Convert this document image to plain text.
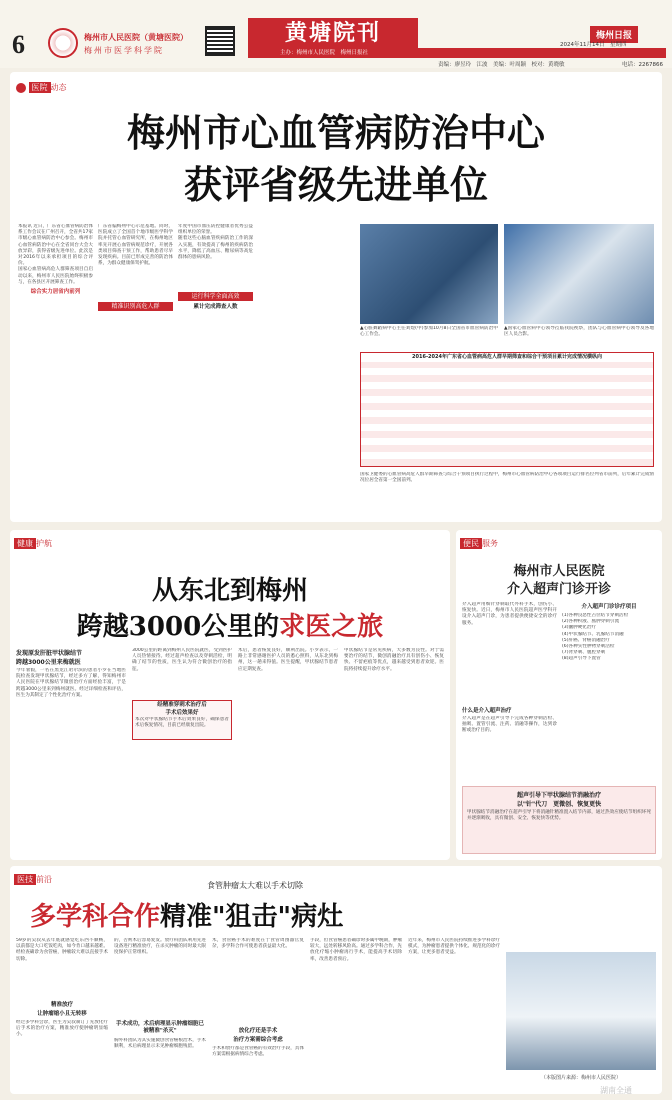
6	梅州市人民医院（黄塘医院）
梅州市医学科学院
黄塘院刊
主办：梅州市人民医院　梅州日报社
梅州日报
2024年11月14日　星期四
责编：廖昱玲　江波　美编：叶周颖　校对：黄晓敏	电话：2267866
医院 动态
梅州市心血管病防治中心
获评省级先进单位
本报讯 近日，广东省心血管病防治体系工作会议在广州召开，全省共17家市级心血管病防治中心参会。梅州市心血管病防治中心在全省同台大会大放异彩，获得省级先进单位。此次是对2016年以来承担项目的综合评价。
国家心血管病高危人群筛查项目自启动以来，梅州市人民医院始终积极参与，在各县区开展筛查工作。
广东省偏梅州中心示范基地。同时，医院成立了全国首个地市级医学科学院并托管心血管研究所，在梅州地区率先开展心血管病规范诊疗，开展各类项目筛查干预工作，帮助患者尽早发现疾病。目前已形成完善的防治体系，为群众健康保驾护航。
年度中国市血压防控健康者优秀公益组织单位的荣誉。
随着这些心脑血管疾病防治工作的深入实施，有效提高了梅州的疾病防治水平，降低了高血压、糖尿病等高危群体的患病风险。
综合实力居省内前列
精准识别高危人群
运行科学全面高效
累计完成筛查人数
▲心脏舞蹈病中心主任刘煜(中)参加10月8日全国省市血管病防治中心工作会。
▲国家心血管病中心领导莅临我院视察，团队与心血管病中心领导及各地区人员合影。
2016-2024年广东省心血管病高危人群早期筛查和综合干预项目累计完成情况横纵向
国家卫健委的心血管病高危人群早期筛查与综合干预项目执行过程中，梅州市心血管病防治中心各项项目运行排名位列省市前列，后年累计完成情况位居全省第一全国前列。
健康 护航
从东北到梅州
跨越3000公里的求医之旅
发现原发肝脏甲状腺结节
跨越3000公里来梅就医
今年暑假，一名在黑龙江哈尔滨的患者小罗在当地医院检查发现甲状腺结节，经过多方了解，得知梅州市人民医院在甲状腺结节微创治疗方面经验丰富，于是跨越3000公里来到梅州就医。经过详细检查和评估，医生为其制定了个性化治疗方案。
3000公里的距离到梅州人民医院就医，受到医护人员热情接待。经过超声检查以及穿刺活检，明确了结节的性质，医生认为符合微创治疗的指征。
经精准穿刺术治疗后
手术后效果好
本次对甲状腺结节手术后效果良好，确保患者术后恢复情况，目前已经康复出院。
术后，患者恢复良好，顺利出院。小罗表示，一路上非常感谢医护人员的悉心照料，从东北到梅州，这一趟来得值。医生提醒，甲状腺结节患者应定期复查。
甲状腺结节是常见疾病，大多数为良性。对于需要治疗的结节，微创消融治疗具有创伤小、恢复快、不留疤痕等优点，越来越受到患者欢迎。医院将持续提升诊疗水平。
便民 服务
梅州市人民医院
介入超声门诊开诊
介入超声用细针穿刺取代外科手术，创伤小、恢复快。近日，梅州市人民医院超声医学科开设介入超声门诊，为患者提供便捷安全的诊疗服务。
什么是介入超声治疗
介入超声是在超声引导下完成各种穿刺活检、抽吸、置管引流、注药、消融等操作，达到诊断或治疗目的。
介入超声门诊诊疗项目
(1)各种良恶性占位结节穿刺活检
(2)各种积液、脓肿穿刺引流
(3)囊肿硬化治疗
(4)甲状腺结节、乳腺结节消融
(5)肝癌、肾癌消融治疗
(6)各种实性肿物穿刺活检
(7)肾穿刺、腹腔穿刺
(8)超声引导下置管
超声引导下甲状腺结节消融治疗
以"针"代刀　更微创、恢复更快
甲状腺结节消融治疗在超声引导下将消融针精准置入结节内部，通过热效应使结节组织坏死并逐渐吸收，具有微创、安全、恢复快等优势。
医技 前沿
食管肿瘤太大难以手术切除
多学科合作精准"狙击"病灶
59岁的吴叔从去年底就感觉吃东西不顺畅，以前都是大口吃饭吃肉，如今肯口越来越难。经检查确诊为食管癌，肿瘤较大难以直接手术切除。
精准放疗
让肿瘤缩小且无转移
经过多学科会诊，医生为吴叔制订了先放化疗后手术的治疗方案，精准放疗使肿瘤明显缩小。
的，否则术后容易复发。放疗科团队利用先进设备进行精准放疗，在杀灭肿瘤的同时最大限度保护正常组织。
手术成功，术后病理显示肿瘤细胞已被精准"杀灭"
胸外科团队为其实施微创食管癌根治术，手术顺利，术后病理显示未见肿瘤细胞残留。
术，食管癌手术的难度在于食管周围器官复杂，多学科合作可使患者获益最大化。
放化疗还是手术
治疗方案需综合考虑
手术和放疗都是食管癌的有效治疗手段，具体方案需根据病情综合考虑。
手段，但食管癌患者确诊时多属中晚期，肿瘤较大，远处转移风险高。通过多学科合作，先放化疗缩小肿瘤再行手术，能提高手术切除率，改善患者预后。
近年来，梅州市人民医院持续推进多学科诊疗模式，为肿瘤患者提供个体化、规范化的诊疗方案，让更多患者受益。
（本版图片来源：梅州市人民医院）
湖南全通
